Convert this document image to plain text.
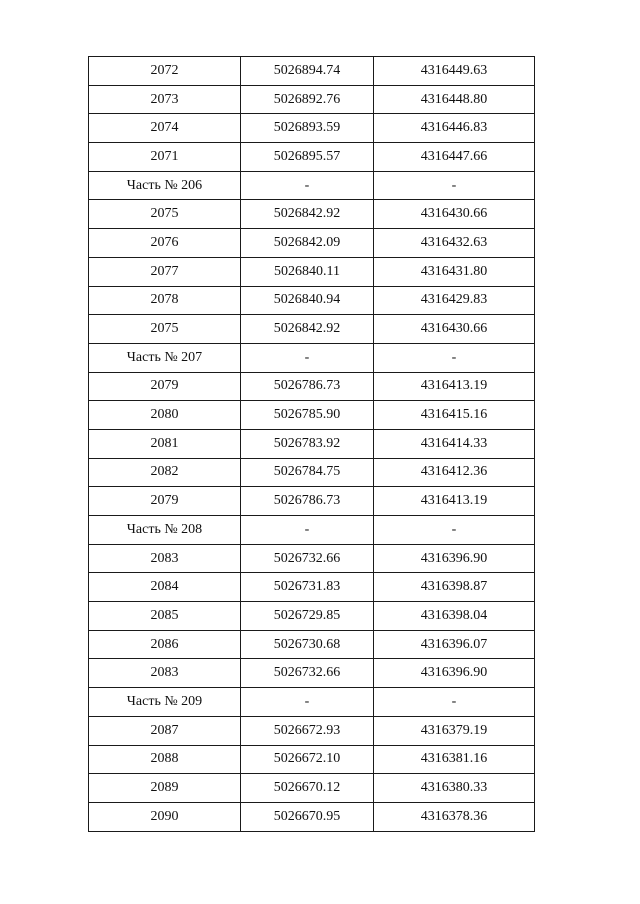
2072	5026894.74	4316449.63
2073	5026892.76	4316448.80
2074	5026893.59	4316446.83
2071	5026895.57	4316447.66
Часть № 206	-	-
2075	5026842.92	4316430.66
2076	5026842.09	4316432.63
2077	5026840.11	4316431.80
2078	5026840.94	4316429.83
2075	5026842.92	4316430.66
Часть № 207	-	-
2079	5026786.73	4316413.19
2080	5026785.90	4316415.16
2081	5026783.92	4316414.33
2082	5026784.75	4316412.36
2079	5026786.73	4316413.19
Часть № 208	-	-
2083	5026732.66	4316396.90
2084	5026731.83	4316398.87
2085	5026729.85	4316398.04
2086	5026730.68	4316396.07
2083	5026732.66	4316396.90
Часть № 209	-	-
2087	5026672.93	4316379.19
2088	5026672.10	4316381.16
2089	5026670.12	4316380.33
2090	5026670.95	4316378.36
